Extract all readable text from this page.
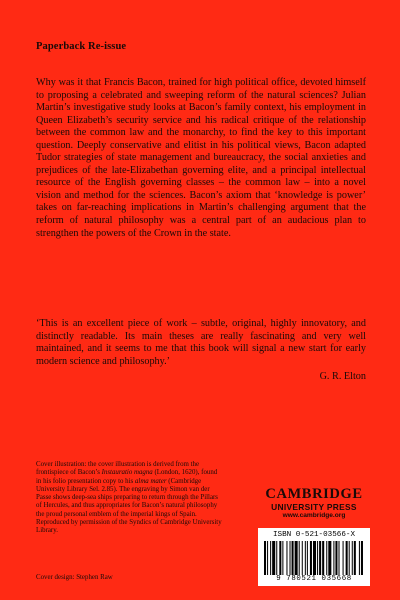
Paperback Re-issue
Why was it that Francis Bacon, trained for high political office, devoted himself to proposing a celebrated and sweeping reform of the natural sciences? Julian Martin’s investigative study looks at Bacon’s family context, his employment in Queen Elizabeth’s security service and his radical critique of the relationship between the common law and the monarchy, to find the key to this important question. Deeply conservative and elitist in his political views, Bacon adapted Tudor strategies of state management and bureaucracy, the social anxieties and prejudices of the late-Elizabethan governing elite, and a principal intellectual resource of the English governing classes – the common law – into a novel vision and method for the sciences. Bacon’s axiom that ‘knowledge is power’ takes on far-reaching implications in Martin’s challenging argument that the reform of natural philosophy was a central part of an audacious plan to strengthen the powers of the Crown in the state.
‘This is an excellent piece of work – subtle, original, highly innovatory, and distinctly readable. Its main theses are really fascinating and very well maintained, and it seems to me that this book will signal a new start for early modern science and philosophy.’
G. R. Elton
Cover illustration: the cover illustration is derived from the frontispiece of Bacon’s Instauratio magna (London, 1620), found in his folio presentation copy to his alma mater (Cambridge University Library Sel. 2.85). The engraving by Simon van der Passe shows deep-sea ships preparing to return through the Pillars of Hercules, and thus appropriates for Bacon’s natural philosophy the proud personal emblem of the imperial kings of Spain. Reproduced by permission of the Syndics of Cambridge University Library.
Cover design: Stephen Raw
CAMBRIDGE
UNIVERSITY PRESS
www.cambridge.org
ISBN 0-521-03566-X
9 780521 035668
